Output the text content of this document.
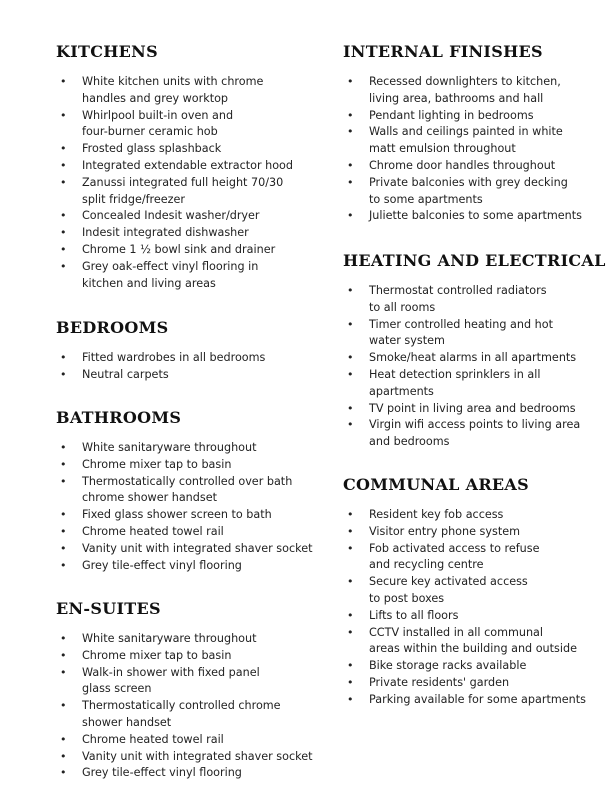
KITCHENS
• White kitchen units with chrome
handles and grey worktop
• Whirlpool built-in oven and
four-burner ceramic hob
• Frosted glass splashback
• Integrated extendable extractor hood
• Zanussi integrated full height 70/30
split fridge/freezer
• Concealed Indesit washer/dryer
• Indesit integrated dishwasher
• Chrome 1 ½ bowl sink and drainer
• Grey oak-effect vinyl flooring in
kitchen and living areas
BEDROOMS
• Fitted wardrobes in all bedrooms
• Neutral carpets
BATHROOMS
• White sanitaryware throughout
• Chrome mixer tap to basin
• Thermostatically controlled over bath
chrome shower handset
• Fixed glass shower screen to bath
• Chrome heated towel rail
• Vanity unit with integrated shaver socket
• Grey tile-effect vinyl flooring
EN-SUITES
• White sanitaryware throughout
• Chrome mixer tap to basin
• Walk-in shower with fixed panel
glass screen
• Thermostatically controlled chrome
shower handset
• Chrome heated towel rail
• Vanity unit with integrated shaver socket
• Grey tile-effect vinyl flooring
INTERNAL FINISHES
• Recessed downlighters to kitchen,
living area, bathrooms and hall
• Pendant lighting in bedrooms
• Walls and ceilings painted in white
matt emulsion throughout
• Chrome door handles throughout
• Private balconies with grey decking
to some apartments
• Juliette balconies to some apartments
HEATING AND ELECTRICAL
• Thermostat controlled radiators
to all rooms
• Timer controlled heating and hot
water system
• Smoke/heat alarms in all apartments
• Heat detection sprinklers in all
apartments
• TV point in living area and bedrooms
• Virgin wifi access points to living area
and bedrooms
COMMUNAL AREAS
• Resident key fob access
• Visitor entry phone system
• Fob activated access to refuse
and recycling centre
• Secure key activated access
to post boxes
• Lifts to all floors
• CCTV installed in all communal
areas within the building and outside
• Bike storage racks available
• Private residents' garden
• Parking available for some apartments
